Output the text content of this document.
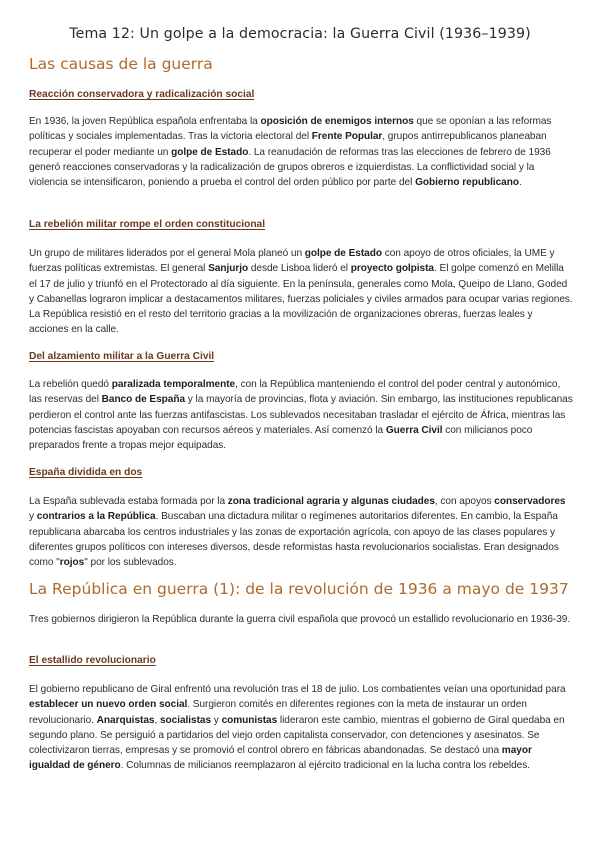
Tema 12: Un golpe a la democracia: la Guerra Civil (1936–1939)
Las causas de la guerra
Reacción conservadora y radicalización social

En 1936, la joven República española enfrentaba la oposición de enemigos internos que se oponían a las reformas políticas y sociales implementadas. Tras la victoria electoral del Frente Popular, grupos antirrepublicanos planeaban recuperar el poder mediante un golpe de Estado. La reanudación de reformas tras las elecciones de febrero de 1936 generó reacciones conservadoras y la radicalización de grupos obreros e izquierdistas. La conflictividad social y la violencia se intensificaron, poniendo a prueba el control del orden público por parte del Gobierno republicano.

La rebelión militar rompe el orden constitucional

Un grupo de militares liderados por el general Mola planeó un golpe de Estado con apoyo de otros oficiales, la UME y fuerzas políticas extremistas. El general Sanjurjo desde Lisboa lideró el proyecto golpista. El golpe comenzó en Melilla el 17 de julio y triunfó en el Protectorado al día siguiente. En la península, generales como Mola, Queipo de Llano, Goded y Cabanellas lograron implicar a destacamentos militares, fuerzas policiales y civiles armados para ocupar varias regiones. La República resistió en el resto del territorio gracias a la movilización de organizaciones obreras, fuerzas leales y acciones en la calle.

Del alzamiento militar a la Guerra Civil

La rebelión quedó paralizada temporalmente, con la República manteniendo el control del poder central y autonómico, las reservas del Banco de España y la mayoría de provincias, flota y aviación. Sin embargo, las instituciones republicanas perdieron el control ante las fuerzas antifascistas. Los sublevados necesitaban trasladar el ejército de África, mientras las potencias fascistas apoyaban con recursos aéreos y materiales. Así comenzó la Guerra Civil con milicianos poco preparados frente a tropas mejor equipadas.

España dividida en dos

La España sublevada estaba formada por la zona tradicional agraria y algunas ciudades, con apoyos conservadores y contrarios a la República. Buscaban una dictadura militar o regímenes autoritarios diferentes. En cambio, la España republicana abarcaba los centros industriales y las zonas de exportación agrícola, con apoyo de las clases populares y diferentes grupos políticos con intereses diversos, desde reformistas hasta revolucionarios socialistas. Eran designados como "rojos" por los sublevados.

La República en guerra (1): de la revolución de 1936 a mayo de 1937

Tres gobiernos dirigieron la República durante la guerra civil española que provocó un estallido revolucionario en 1936-39.

El estallido revolucionario

El gobierno republicano de Giral enfrentó una revolución tras el 18 de julio. Los combatientes veían una oportunidad para establecer un nuevo orden social. Surgieron comités en diferentes regiones con la meta de instaurar un orden revolucionario. Anarquistas, socialistas y comunistas lideraron este cambio, mientras el gobierno de Giral quedaba en segundo plano. Se persiguió a partidarios del viejo orden capitalista conservador, con detenciones y asesinatos. Se colectivizaron tierras, empresas y se promovió el control obrero en fábricas abandonadas. Se destacó una mayor igualdad de género. Columnas de milicianos reemplazaron al ejército tradicional en la lucha contra los rebeldes.
